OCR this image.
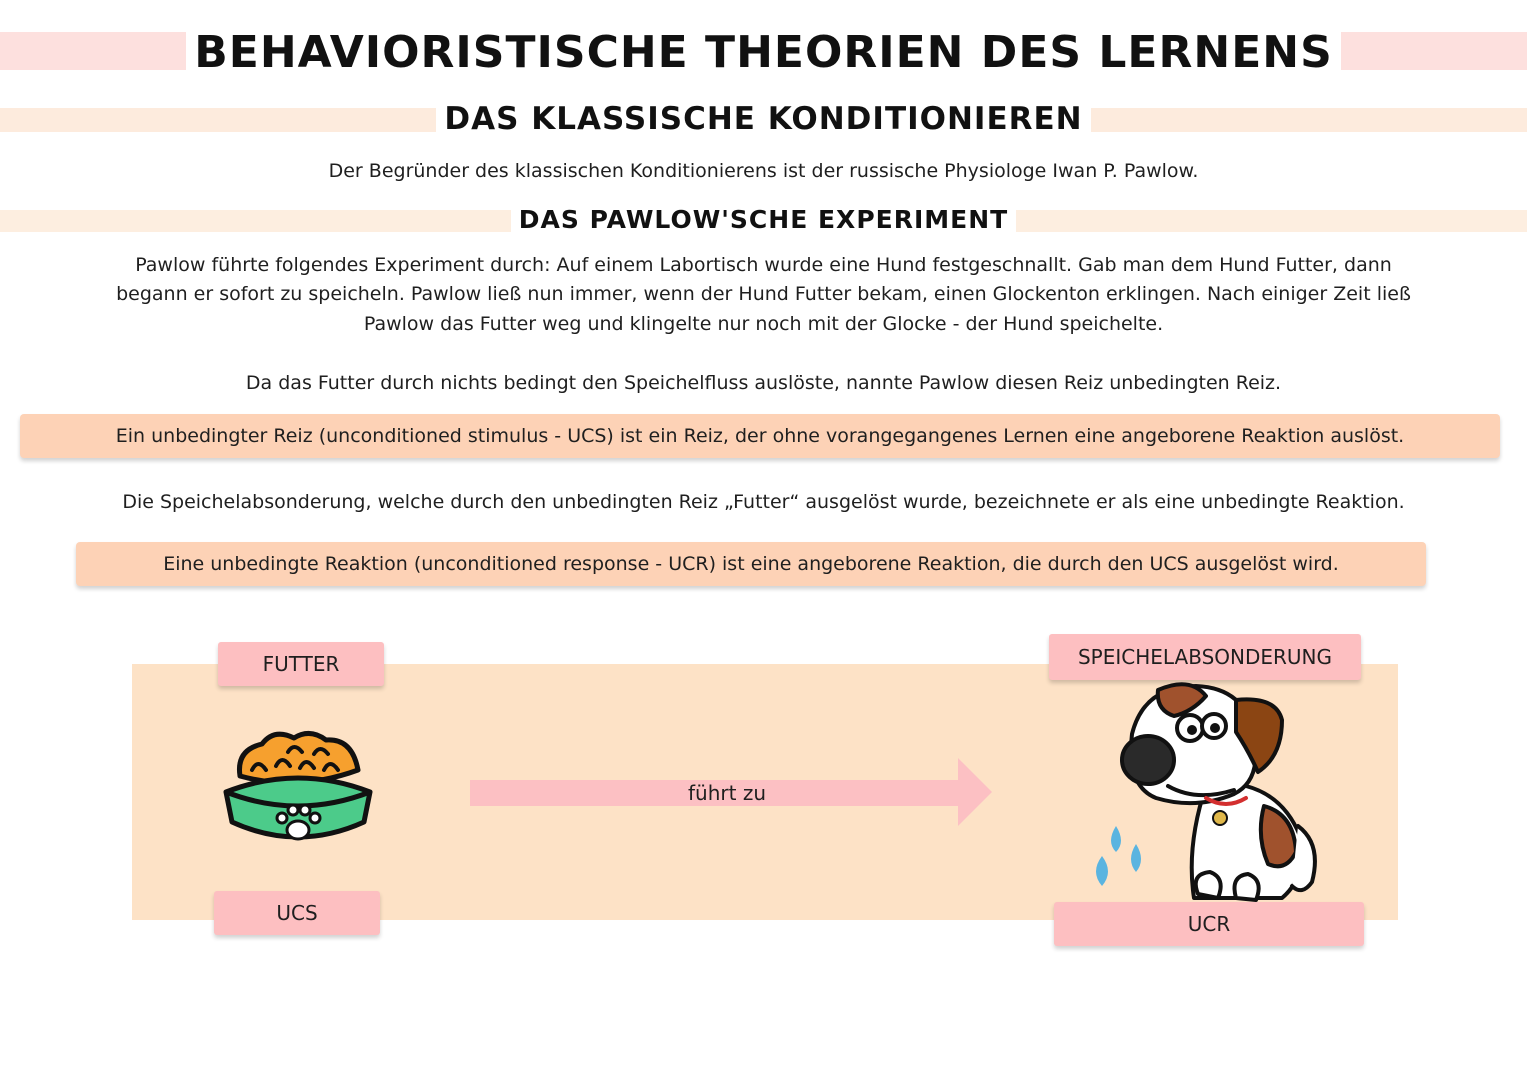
BEHAVIORISTISCHE THEORIEN DES LERNENS
DAS KLASSISCHE KONDITIONIEREN
Der Begründer des klassischen Konditionierens ist der russische Physiologe Iwan P. Pawlow.
DAS PAWLOW'SCHE EXPERIMENT
Pawlow führte folgendes Experiment durch: Auf einem Labortisch wurde eine Hund festgeschnallt. Gab man dem Hund Futter, dann
begann er sofort zu speicheln. Pawlow ließ nun immer, wenn der Hund Futter bekam, einen Glockenton erklingen. Nach einiger Zeit ließ
Pawlow das Futter weg und klingelte nur noch mit der Glocke - der Hund speichelte.
Da das Futter durch nichts bedingt den Speichelfluss auslöste, nannte Pawlow diesen Reiz unbedingten Reiz.
Ein unbedingter Reiz (unconditioned stimulus - UCS) ist ein Reiz, der ohne vorangegangenes Lernen eine angeborene Reaktion auslöst.
Die Speichelabsonderung, welche durch den unbedingten Reiz „Futter“ ausgelöst wurde, bezeichnete er als eine unbedingte Reaktion.
Eine unbedingte Reaktion (unconditioned response - UCR) ist eine angeborene Reaktion, die durch den UCS ausgelöst wird.
FUTTER
UCS
SPEICHELABSONDERUNG
UCR
führt zu
